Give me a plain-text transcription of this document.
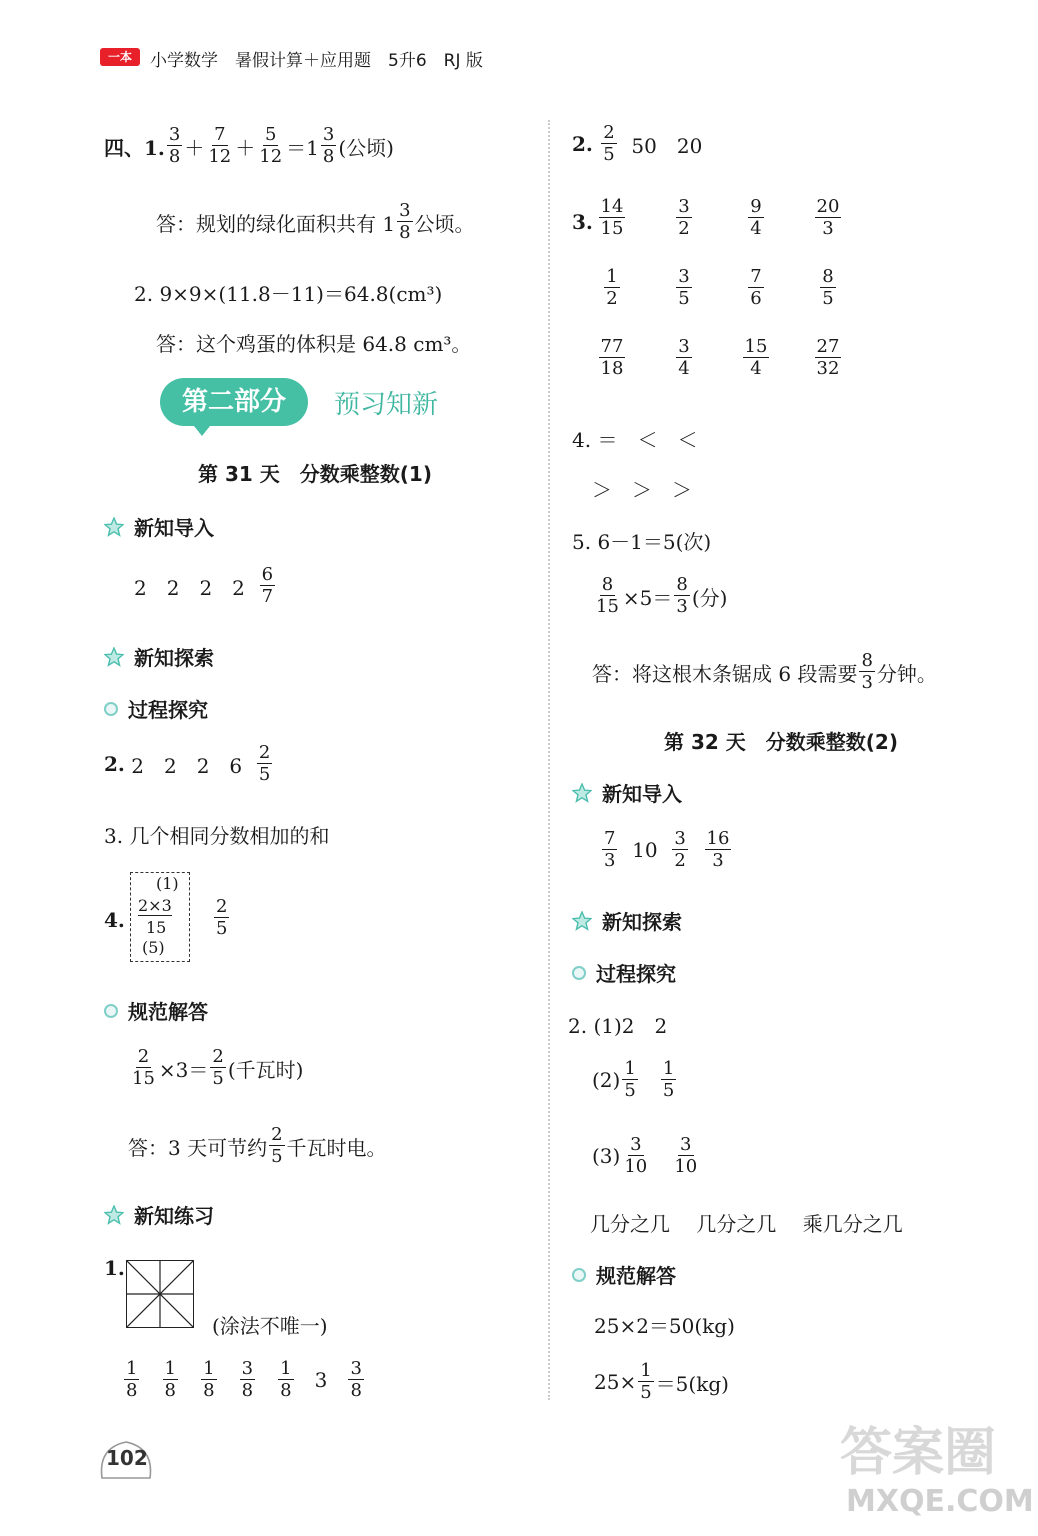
一本	小学数学　暑假计算＋应用题　5升6　RJ 版
四、1. $\frac{3}{8} + \frac{7}{12} + \frac{5}{12} =1 \frac{3}{8}$ (公顷)
答：规划的绿化面积共有 $1 \frac{3}{8}$ 公顷。
2. 9×9×(11.8－11)＝64.8(cm³)
答：这个鸡蛋的体积是 64.8 cm³。
第二部分	预习知新
第 31 天　分数乘整数(1)
新知导入
2　2　2　2
$\frac{6}{7}$
新知探索
过程探究
2.
2　2　2　6
$\frac{2}{5}$
3. 几个相同分数相加的和
4.
(1)
2×3
15
(5)
$\frac{2}{5}$
规范解答
$\frac{2}{15} \times 3= \frac{2}{5}$ (千瓦时)
答：3 天可节约 $\frac{2}{5}$ 千瓦时电。
新知练习
1.
(涂法不唯一)
$\frac{1}{8}$
$\frac{1}{8}$
$\frac{1}{8}$
$\frac{3}{8}$
$\frac{1}{8}$
3
$\frac{3}{8}$
2.
$\frac{2}{5}$
50　20
3. $\frac{14}{15} \frac{3}{2} \frac{9}{4} \frac{20}{3}$
$\frac{1}{2} \frac{3}{5} \frac{7}{6} \frac{8}{5}$
$\frac{77}{18} \frac{3}{4} \frac{15}{4} \frac{27}{32}$
4. ＝　＜　＜
＞　＞　＞
5. 6－1＝5(次)
$\frac{8}{15} \times 5= \frac{8}{3}$ (分)
答：将这根木条锯成 6 段需要 $\frac{8}{3}$ 分钟。
第 32 天　分数乘整数(2)
新知导入
$\frac{7}{3}$
10
$\frac{3}{2}$
$\frac{16}{3}$
新知探索
过程探究
2. (1)2　2
$(2) \frac{1}{5}$
$\frac{1}{5}$
$(3) \frac{3}{10}$
$\frac{3}{10}$
几分之几　 几分之几　 乘几分之几
规范解答
25×2＝50(kg)
$25\times \frac{1}{5} =5(kg)$
102	答案圈
MXQE.COM
